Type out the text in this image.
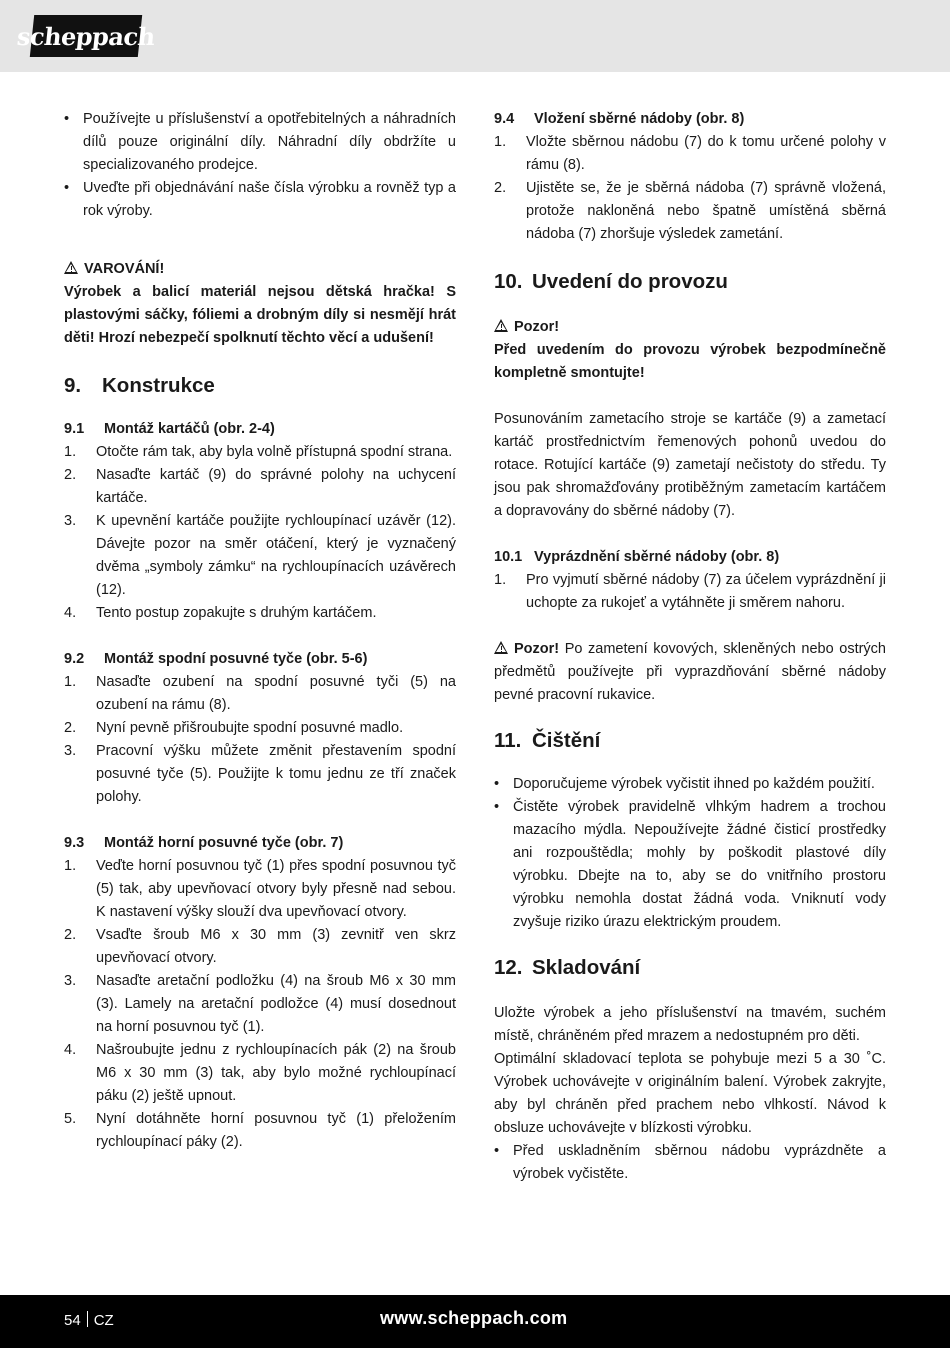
scheppach
• Používejte u příslušenství a opotřebitelných a náhradních dílů pouze originální díly. Náhradní díly obdržíte u specializovaného prodejce.
• Uveďte při objednávání naše čísla výrobku a rovněž typ a rok výroby.

VAROVÁNÍ!

Výrobek a balicí materiál nejsou dětská hračka! S plastovými sáčky, fóliemi a drobným díly si nesmějí hrát děti! Hrozí nebezpečí spolknutí těchto věcí a udušení!

9.	Konstrukce
9.1	Montáž kartáčů (obr. 2-4)
1. Otočte rám tak, aby byla volně přístupná spodní strana.
2. Nasaďte kartáč (9) do správné polohy na uchycení kartáče.
3. K upevnění kartáče použijte rychloupínací uzávěr (12). Dávejte pozor na směr otáčení, který je vyznačený dvěma „symboly zámku“ na rychloupínacích uzávěrech (12).
4. Tento postup zopakujte s druhým kartáčem.
9.2	Montáž spodní posuvné tyče (obr. 5-6)
1. Nasaďte ozubení na spodní posuvné tyči (5) na ozubení na rámu (8).
2. Nyní pevně přišroubujte spodní posuvné madlo.
3. Pracovní výšku můžete změnit přestavením spodní posuvné tyče (5). Použijte k tomu jednu ze tří značek polohy.
9.3	Montáž horní posuvné tyče (obr. 7)
1. Veďte horní posuvnou tyč (1) přes spodní posuvnou tyč (5) tak, aby upevňovací otvory byly přesně nad sebou. K nastavení výšky slouží dva upevňovací otvory.
2. Vsaďte šroub M6 x 30 mm (3) zevnitř ven skrz upevňovací otvory.
3. Nasaďte aretační podložku (4) na šroub M6 x 30 mm (3). Lamely na aretační podložce (4) musí dosednout na horní posuvnou tyč (1).
4. Našroubujte jednu z rychloupínacích pák (2) na šroub M6 x 30 mm (3) tak, aby bylo možné rychloupínací páku (2) ještě upnout.
5. Nyní dotáhněte horní posuvnou tyč (1) přeložením rychloupínací páky (2).
9.4	Vložení sběrné nádoby (obr. 8)
1. Vložte sběrnou nádobu (7) do k tomu určené polohy v rámu (8).
2. Ujistěte se, že je sběrná nádoba (7) správně vložená, protože nakloněná nebo špatně umístěná sběrná nádoba (7) zhoršuje výsledek zametání.
10. Uvedení do provozu

Pozor!

Před uvedením do provozu výrobek bezpodmínečně kompletně smontujte!

Posunováním zametacího stroje se kartáče (9) a zametací kartáč prostřednictvím řemenových pohonů uvedou do rotace. Rotující kartáče (9) zametají nečistoty do středu. Ty jsou pak shromažďovány protiběžným zametacím kartáčem a dopravovány do sběrné nádoby (7).

10.1 Vyprázdnění sběrné nádoby (obr. 8)
1. Pro vyjmutí sběrné nádoby (7) za účelem vyprázdnění ji uchopte za rukojeť a vytáhněte ji směrem nahoru.

Pozor! Po zametení kovových, skleněných nebo ostrých předmětů používejte při vyprazdňování sběrné nádoby pevné pracovní rukavice.

11. Čištění
• Doporučujeme výrobek vyčistit ihned po každém použití.
• Čistěte výrobek pravidelně vlhkým hadrem a trochou mazacího mýdla. Nepoužívejte žádné čisticí prostředky ani rozpouštědla; mohly by poškodit plastové díly výrobku. Dbejte na to, aby se do vnitřního prostoru výrobku nemohla dostat žádná voda. Vniknutí vody zvyšuje riziko úrazu elektrickým proudem.
12. Skladování

Uložte výrobek a jeho příslušenství na tmavém, suchém místě, chráněném před mrazem a nedostupném pro děti.

Optimální skladovací teplota se pohybuje mezi 5 a 30 ˚C. Výrobek uchovávejte v originálním balení. Výrobek zakryjte, aby byl chráněn před prachem nebo vlhkostí. Návod k obsluze uchovávejte v blízkosti výrobku.

• Před uskladněním sběrnou nádobu vyprázdněte a výrobek vyčistěte.
54 CZ	www.scheppach.com
